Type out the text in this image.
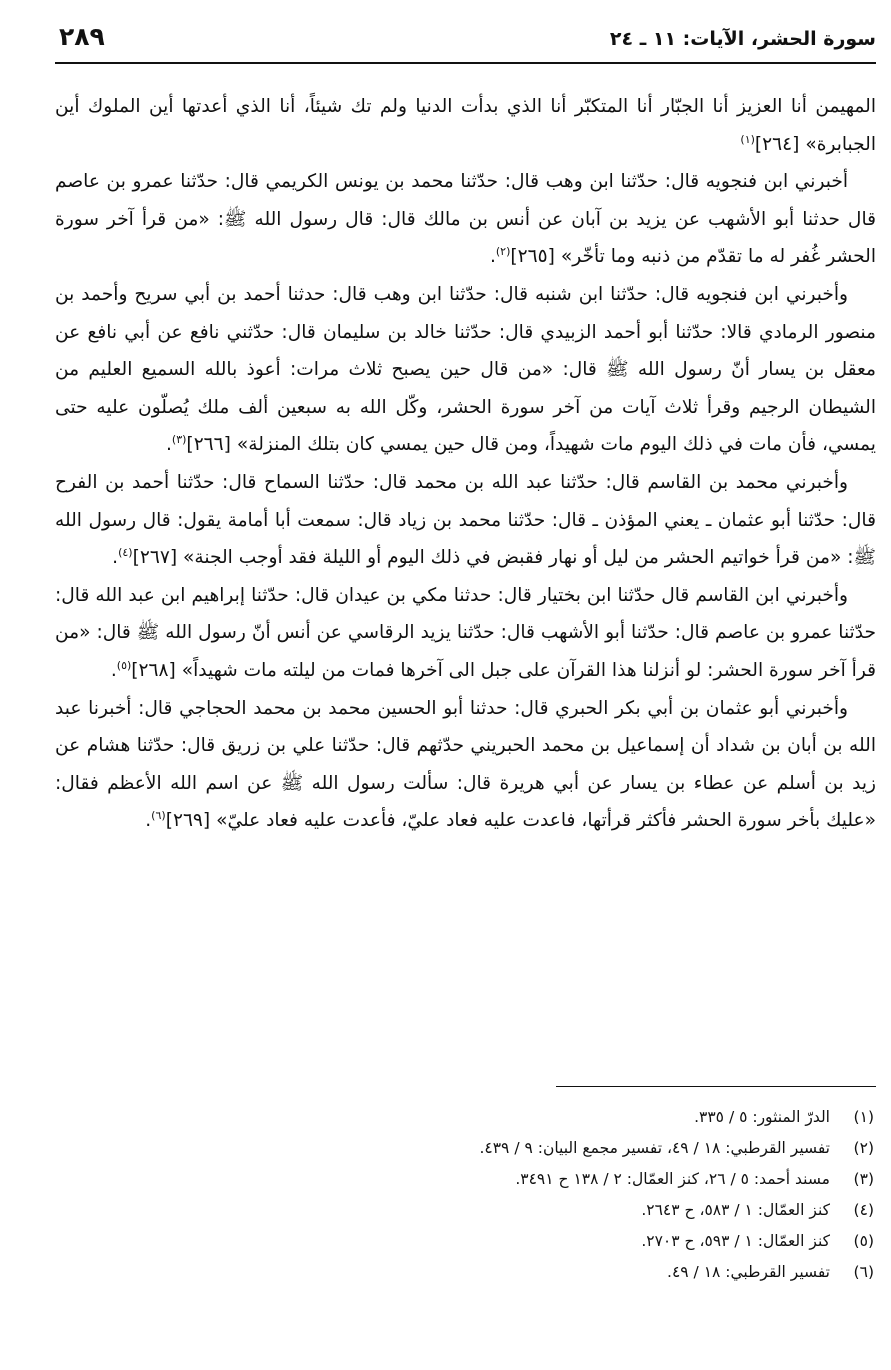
سورة الحشر، الآيات: ١١ ـ ٢٤
٢٨٩

المهيمن أنا العزيز أنا الجبّار أنا المتكبّر أنا الذي بدأت الدنيا ولم تك شيئاً، أنا الذي أعدتها أين الملوك أين الجبابرة» [٢٦٤]$^{(١)}$

أخبرني ابن فنجويه قال: حدّثنا ابن وهب قال: حدّثنا محمد بن يونس الكريمي قال: حدّثنا عمرو بن عاصم قال حدثنا أبو الأشهب عن يزيد بن آبان عن أنس بن مالك قال: قال رسول الله ﷺ: «من قرأ آخر سورة الحشر غُفر له ما تقدّم من ذنبه وما تأخّر» [٢٦٥]$^{(٢)}$.

وأخبرني ابن فنجويه قال: حدّثنا ابن شنبه قال: حدّثنا ابن وهب قال: حدثنا أحمد بن أبي سريح وأحمد بن منصور الرمادي قالا: حدّثنا أبو أحمد الزبيدي قال: حدّثنا خالد بن سليمان قال: حدّثني نافع عن أبي نافع عن معقل بن يسار أنّ رسول الله ﷺ قال: «من قال حين يصبح ثلاث مرات: أعوذ بالله السميع العليم من الشيطان الرجيم وقرأ ثلاث آيات من آخر سورة الحشر، وكّل الله به سبعين ألف ملك يُصلّون عليه حتى يمسي، فأن مات في ذلك اليوم مات شهيداً، ومن قال حين يمسي كان بتلك المنزلة» [٢٦٦]$^{(٣)}$.

وأخبرني محمد بن القاسم قال: حدّثنا عبد الله بن محمد قال: حدّثنا السماح قال: حدّثنا أحمد بن الفرح قال: حدّثنا أبو عثمان ـ يعني المؤذن ـ قال: حدّثنا محمد بن زياد قال: سمعت أبا أمامة يقول: قال رسول الله ﷺ: «من قرأ خواتيم الحشر من ليل أو نهار فقبض في ذلك اليوم أو الليلة فقد أوجب الجنة» [٢٦٧]$^{(٤)}$.

وأخبرني ابن القاسم قال حدّثنا ابن بختيار قال: حدثنا مكي بن عيدان قال: حدّثنا إبراهيم ابن عبد الله قال: حدّثنا عمرو بن عاصم قال: حدّثنا أبو الأشهب قال: حدّثنا يزيد الرقاسي عن أنس أنّ رسول الله ﷺ قال: «من قرأ آخر سورة الحشر: لو أنزلنا هذا القرآن على جبل الى آخرها فمات من ليلته مات شهيداً» [٢٦٨]$^{(٥)}$.

وأخبرني أبو عثمان بن أبي بكر الحبري قال: حدثنا أبو الحسين محمد بن محمد الحجاجي قال: أخبرنا عبد الله بن أبان بن شداد أن إسماعيل بن محمد الحبريني حدّثهم قال: حدّثنا علي بن زريق قال: حدّثنا هشام عن زيد بن أسلم عن عطاء بن يسار عن أبي هريرة قال: سألت رسول الله ﷺ عن اسم الله الأعظم فقال: «عليك بأخر سورة الحشر فأكثر قرأتها، فاعدت عليه فعاد عليّ، فأعدت عليه فعاد عليّ» [٢٦٩]$^{(٦)}$.

(١)الدرّ المنثور: ٥ / ٣٣٥.
(٢)تفسير القرطبي: ١٨ / ٤٩، تفسير مجمع البيان: ٩ / ٤٣٩.
(٣)مسند أحمد: ٥ / ٢٦، كنز العمّال: ٢ / ١٣٨ ح ٣٤٩١.
(٤)كنز العمّال: ١ / ٥٨٣، ح ٢٦٤٣.
(٥)كنز العمّال: ١ / ٥٩٣، ح ٢٧٠٣.
(٦)تفسير القرطبي: ١٨ / ٤٩.
